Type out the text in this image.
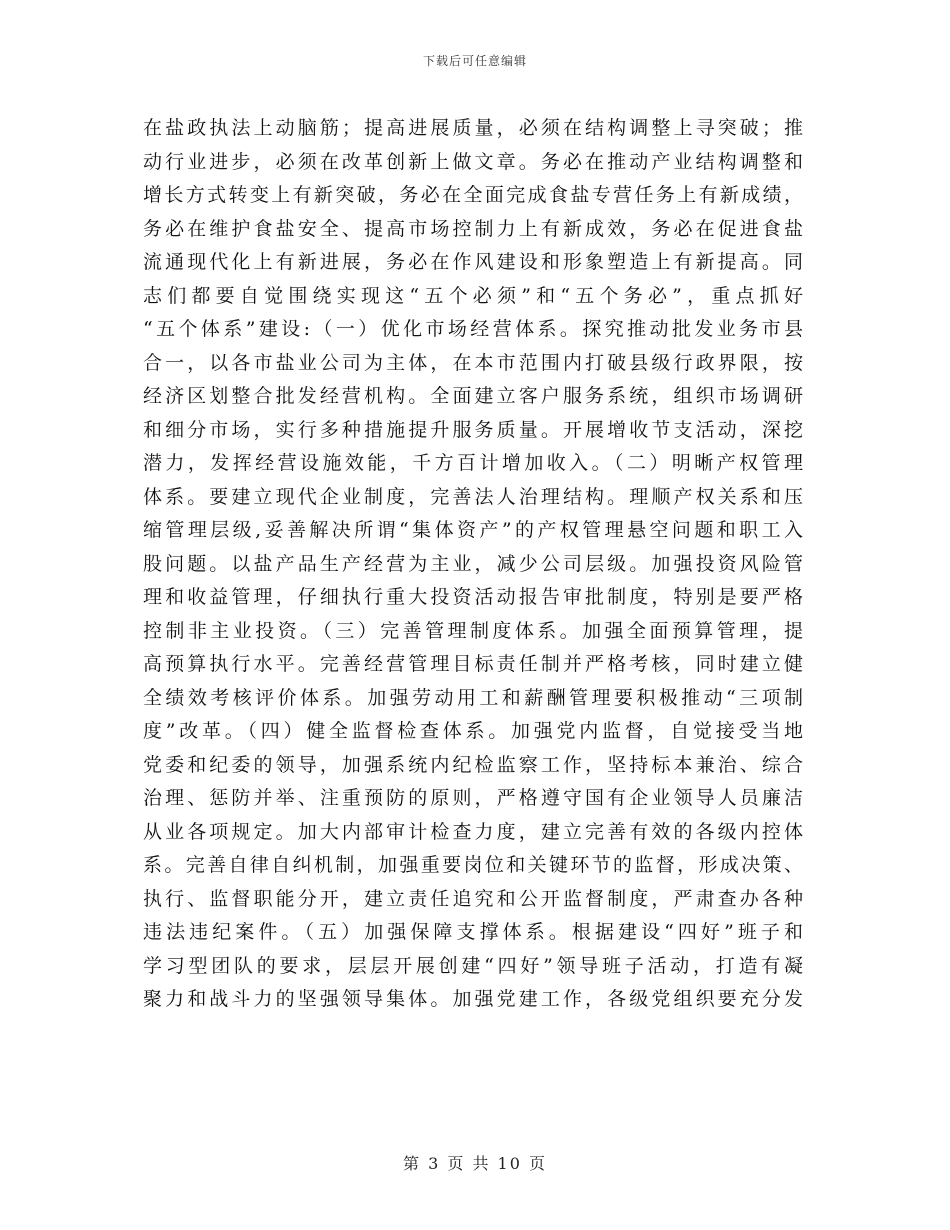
下载后可任意编辑
在盐政执法上动脑筋；提高进展质量，必须在结构调整上寻突破；推
动行业进步，必须在改革创新上做文章。务必在推动产业结构调整和
增长方式转变上有新突破，务必在全面完成食盐专营任务上有新成绩，
务必在维护食盐安全、提高市场控制力上有新成效，务必在促进食盐
流通现代化上有新进展，务必在作风建设和形象塑造上有新提高。同
志们都要自觉围绕实现这“五个必须”和“五个务必”，重点抓好
“五个体系”建设:（一）优化市场经营体系。探究推动批发业务市县
合一，以各市盐业公司为主体，在本市范围内打破县级行政界限，按
经济区划整合批发经营机构。全面建立客户服务系统，组织市场调研
和细分市场，实行多种措施提升服务质量。开展增收节支活动，深挖
潜力，发挥经营设施效能，千方百计增加收入。（二）明晰产权管理
体系。要建立现代企业制度，完善法人治理结构。理顺产权关系和压
缩管理层级,妥善解决所谓“集体资产”的产权管理悬空问题和职工入
股问题。以盐产品生产经营为主业，减少公司层级。加强投资风险管
理和收益管理，仔细执行重大投资活动报告审批制度，特别是要严格
控制非主业投资。（三）完善管理制度体系。加强全面预算管理，提
高预算执行水平。完善经营管理目标责任制并严格考核，同时建立健
全绩效考核评价体系。加强劳动用工和薪酬管理要积极推动“三项制
度”改革。（四）健全监督检查体系。加强党内监督，自觉接受当地
党委和纪委的领导，加强系统内纪检监察工作，坚持标本兼治、综合
治理、惩防并举、注重预防的原则，严格遵守国有企业领导人员廉洁
从业各项规定。加大内部审计检查力度，建立完善有效的各级内控体
系。完善自律自纠机制，加强重要岗位和关键环节的监督，形成决策、
执行、监督职能分开，建立责任追究和公开监督制度，严肃查办各种
违法违纪案件。（五）加强保障支撑体系。根据建设“四好”班子和
学习型团队的要求，层层开展创建“四好”领导班子活动，打造有凝
聚力和战斗力的坚强领导集体。加强党建工作，各级党组织要充分发
第 3 页 共 10 页
